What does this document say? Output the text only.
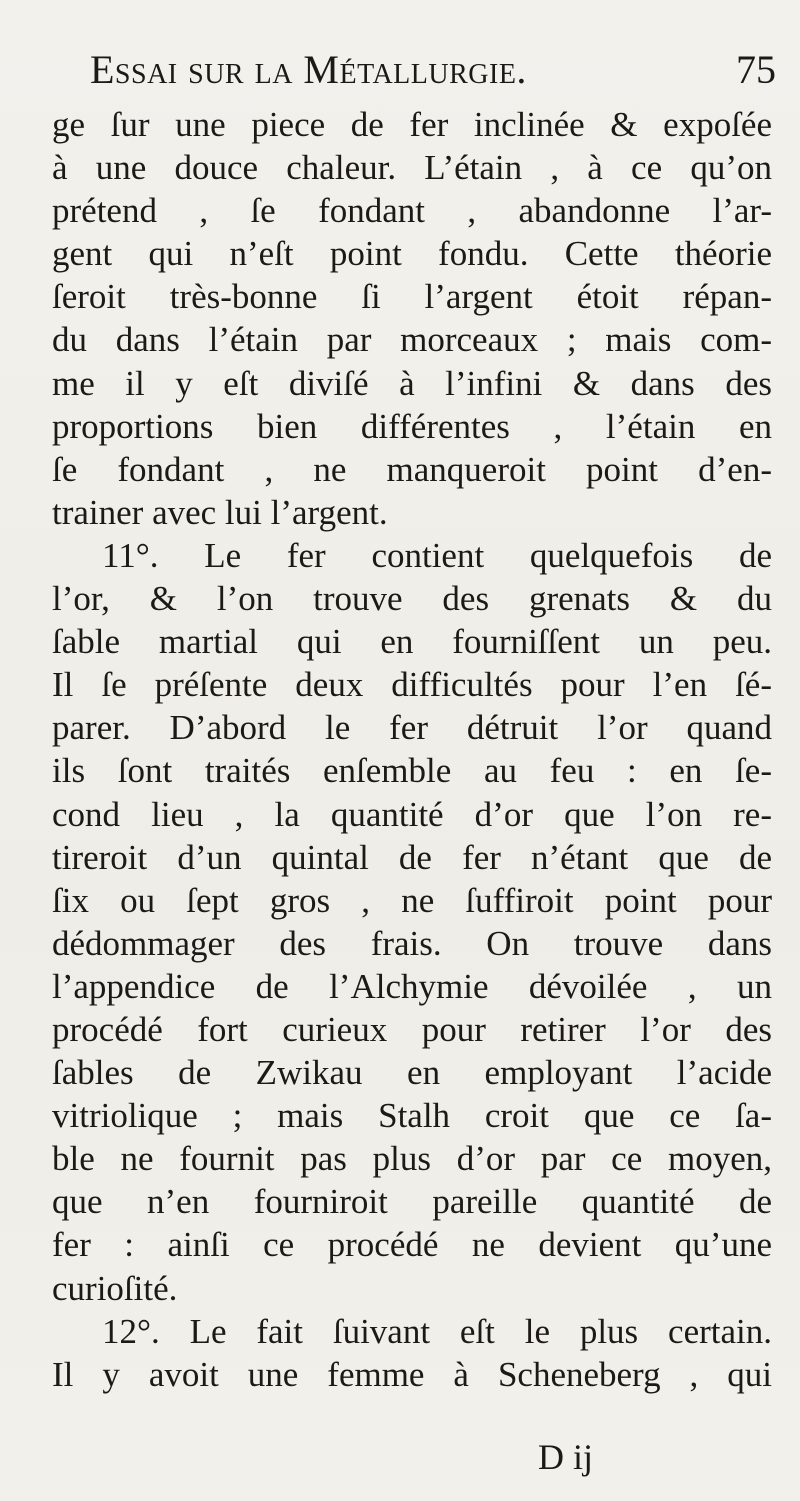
Essai sur la Métallurgie.	75
ge ſur une piece de fer inclinée & expoſée
à une douce chaleur. L’étain , à ce qu’on
prétend , ſe fondant , abandonne l’ar-
gent qui n’eſt point fondu. Cette théorie
ſeroit très-bonne ſi l’argent étoit répan-
du dans l’étain par morceaux ; mais com-
me il y eſt diviſé à l’infini & dans des
proportions bien différentes , l’étain en
ſe fondant , ne manqueroit point d’en-
trainer avec lui l’argent.
11°. Le fer contient quelquefois de
l’or, & l’on trouve des grenats & du
ſable martial qui en fourniſſent un peu.
Il ſe préſente deux difficultés pour l’en ſé-
parer. D’abord le fer détruit l’or quand
ils ſont traités enſemble au feu : en ſe-
cond lieu , la quantité d’or que l’on re-
tireroit d’un quintal de fer n’étant que de
ſix ou ſept gros , ne ſuffiroit point pour
dédommager des frais. On trouve dans
l’appendice de l’Alchymie dévoilée , un
procédé fort curieux pour retirer l’or des
ſables de Zwikau en employant l’acide
vitriolique ; mais Stalh croit que ce ſa-
ble ne fournit pas plus d’or par ce moyen,
que n’en fourniroit pareille quantité de
fer : ainſi ce procédé ne devient qu’une
curioſité.
12°. Le fait ſuivant eſt le plus certain.
Il y avoit une femme à Scheneberg , qui
D ij
